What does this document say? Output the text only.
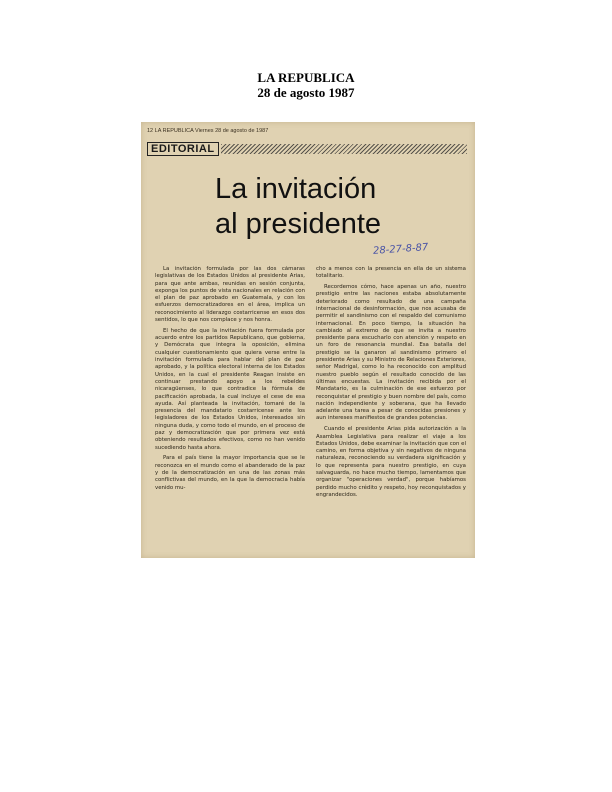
LA REPUBLICA
28 de agosto 1987
12 LA REPUBLICA Viernes 28 de agosto de 1987
EDITORIAL
La invitación
al presidente
28-27-8-87

La invitación formulada por las dos cámaras legislativas de los Estados Unidos al presidente Arias, para que ante ambas, reunidas en sesión conjunta, exponga los puntos de vista nacionales en relación con el plan de paz aprobado en Guatemala, y con los esfuerzos democratizadores en el área, implica un reconocimiento al liderazgo costarricense en esos dos sentidos, lo que nos complace y nos honra.

El hecho de que la invitación fuera formulada por acuerdo entre los partidos Republicano, que gobierna, y Demócrata que integra la oposición, elimina cualquier cuestionamiento que quiera verse entre la invitación formulada para hablar del plan de paz aprobado, y la política electoral interna de los Estados Unidos, en la cual el presidente Reagan insiste en continuar prestando apoyo a los rebeldes nicaragüenses, lo que contradice la fórmula de pacificación aprobada, la cual incluye el cese de esa ayuda. Así planteada la invitación, tomaré de la presencia del mandatario costarricense ante los legisladores de los Estados Unidos, interesados sin ninguna duda, y como todo el mundo, en el proceso de paz y democratización que por primera vez está obteniendo resultados efectivos, como no han venido sucediendo hasta ahora.

Para el país tiene la mayor importancia que se le reconozca en el mundo como el abanderado de la paz y de la democratización en una de las zonas más conflictivas del mundo, en la que la democracia había venido mu-

cho a menos con la presencia en ella de un sistema totalitario.

Recordemos cómo, hace apenas un año, nuestro prestigio entre las naciones estaba absolutamente deteriorado como resultado de una campaña internacional de desinformación, que nos acusaba de permitir el sandinismo con el respaldo del comunismo internacional. En poco tiempo, la situación ha cambiado al extremo de que se invita a nuestro presidente para escucharlo con atención y respeto en un foro de resonancia mundial. Esa batalla del prestigio se la ganaron al sandinismo primero el presidente Arias y su Ministro de Relaciones Exteriores, señor Madrigal, como lo ha reconocido con amplitud nuestro pueblo según el resultado conocido de las últimas encuestas. La invitación recibida por el Mandatario, es la culminación de ese esfuerzo por reconquistar el prestigio y buen nombre del país, como nación independiente y soberana, que ha llevado adelante una tarea a pesar de conocidas presiones y aun intereses manifiestos de grandes potencias.

Cuando el presidente Arias pida autorización a la Asamblea Legislativa para realizar el viaje a los Estados Unidos, debe examinar la invitación que con el camino, en forma objetiva y sin negativos de ninguna naturaleza, reconociendo su verdadera significación y lo que representa para nuestro prestigio, en cuya salvaguarda, no hace mucho tiempo, lamentamos que organizar "operaciones verdad", porque habíamos perdido mucho crédito y respeto, hoy reconquistados y engrandecidos.
